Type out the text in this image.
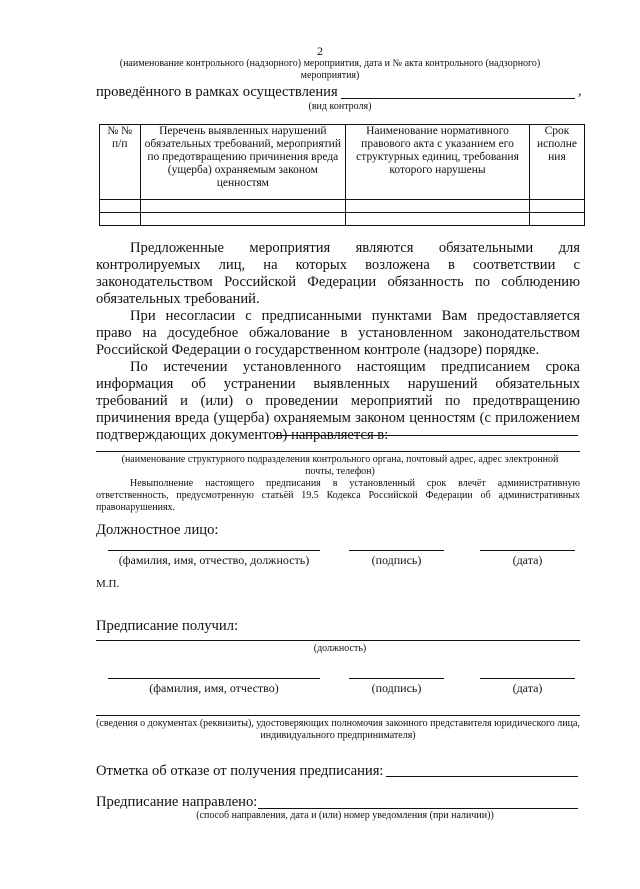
2
(наименование контрольного (надзорного) мероприятия, дата и № акта контрольного (надзорного) мероприятия)
проведённого в рамках осуществления	,
(вид контроля)
№ №
п/п	Перечень выявленных нарушений обязательных требований, мероприятий по предотвращению причинения вреда (ущерба) охраняемым законом ценностям	Наименование нормативного правового акта с указанием его структурных единиц, требования которого нарушены	Срок исполне ния

Предложенные мероприятия являются обязательными для контролируемых лиц, на которых возложена в соответствии с законодательством Российской Федерации обязанность по соблюдению обязательных требований.
При несогласии с предписанными пунктами Вам предоставляется право на досудебное обжалование в установленном законодательством Российской Федерации о государственном контроле (надзоре) порядке.
По истечении установленного настоящим предписанием срока информация об устранении выявленных нарушений обязательных требований и (или) о проведении мероприятий по предотвращению причинения вреда (ущерба) охраняемым законом ценностям (с приложением подтверждающих документов) направляется в:
(наименование структурного подразделения контрольного органа, почтовый адрес, адрес электронной почты, телефон)
Невыполнение настоящего предписания в установленный срок влечёт административную ответственность, предусмотренную статьёй 19.5 Кодекса Российской Федерации об административных правонарушениях.
Должностное лицо:
(фамилия, имя, отчество, должность)	(подпись)	(дата)
М.П.
Предписание получил:
(должность)
(фамилия, имя, отчество)	(подпись)	(дата)
(сведения о документах (реквизиты), удостоверяющих полномочия законного представителя юридического лица, индивидуального предпринимателя)
Отметка об отказе от получения предписания:
Предписание направлено:
(способ направления, дата и (или) номер уведомления (при наличии))
